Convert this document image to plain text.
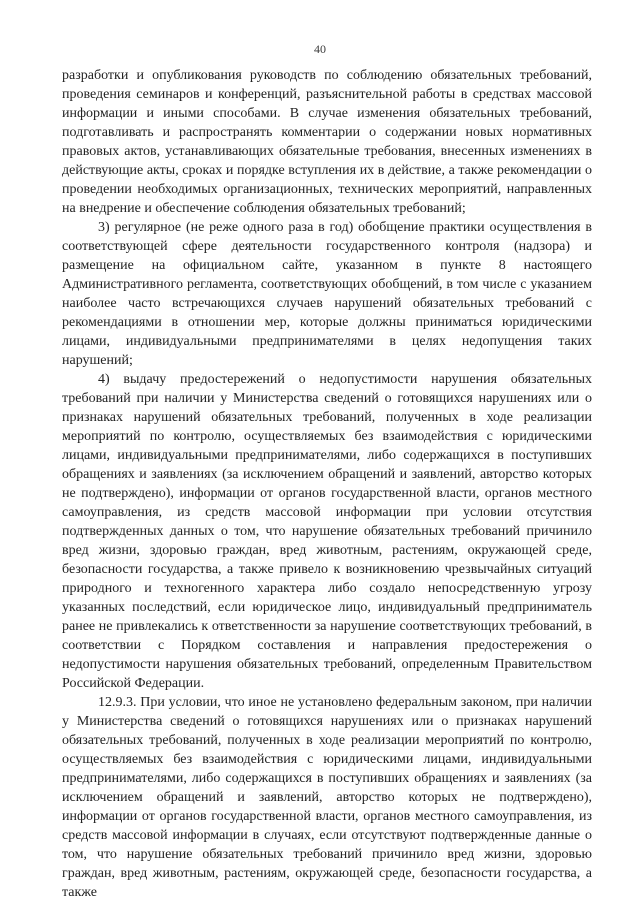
40

разработки и опубликования руководств по соблюдению обязательных требований, проведения семинаров и конференций, разъяснительной работы в средствах массовой информации и иными способами. В случае изменения обязательных требований, подготавливать и распространять комментарии о содержании новых нормативных правовых актов, устанавливающих обязательные требования, внесенных изменениях в действующие акты, сроках и порядке вступления их в действие, а также рекомендации о проведении необходимых организационных, технических мероприятий, направленных на внедрение и обеспечение соблюдения обязательных требований;

3) регулярное (не реже одного раза в год) обобщение практики осуществления в соответствующей сфере деятельности государственного контроля (надзора) и размещение на официальном сайте, указанном в пункте 8 настоящего Административного регламента, соответствующих обобщений, в том числе с указанием наиболее часто встречающихся случаев нарушений обязательных требований с рекомендациями в отношении мер, которые должны приниматься юридическими лицами, индивидуальными предпринимателями в целях недопущения таких нарушений;

4) выдачу предостережений о недопустимости нарушения обязательных требований при наличии у Министерства сведений о готовящихся нарушениях или о признаках нарушений обязательных требований, полученных в ходе реализации мероприятий по контролю, осуществляемых без взаимодействия с юридическими лицами, индивидуальными предпринимателями, либо содержащихся в поступивших обращениях и заявлениях (за исключением обращений и заявлений, авторство которых не подтверждено), информации от органов государственной власти, органов местного самоуправления, из средств массовой информации при условии отсутствия подтвержденных данных о том, что нарушение обязательных требований причинило вред жизни, здоровью граждан, вред животным, растениям, окружающей среде, безопасности государства, а также привело к возникновению чрезвычайных ситуаций природного и техногенного характера либо создало непосредственную угрозу указанных последствий, если юридическое лицо, индивидуальный предприниматель ранее не привлекались к ответственности за нарушение соответствующих требований, в соответствии с Порядком составления и направления предостережения о недопустимости нарушения обязательных требований, определенным Правительством Российской Федерации.

12.9.3. При условии, что иное не установлено федеральным законом, при наличии у Министерства сведений о готовящихся нарушениях или о признаках нарушений обязательных требований, полученных в ходе реализации мероприятий по контролю, осуществляемых без взаимодействия с юридическими лицами, индивидуальными предпринимателями, либо содержащихся в поступивших обращениях и заявлениях (за исключением обращений и заявлений, авторство которых не подтверждено), информации от органов государственной власти, органов местного самоуправления, из средств массовой информации в случаях, если отсутствуют подтвержденные данные о том, что нарушение обязательных требований причинило вред жизни, здоровью граждан, вред животным, растениям, окружающей среде, безопасности государства, а также
